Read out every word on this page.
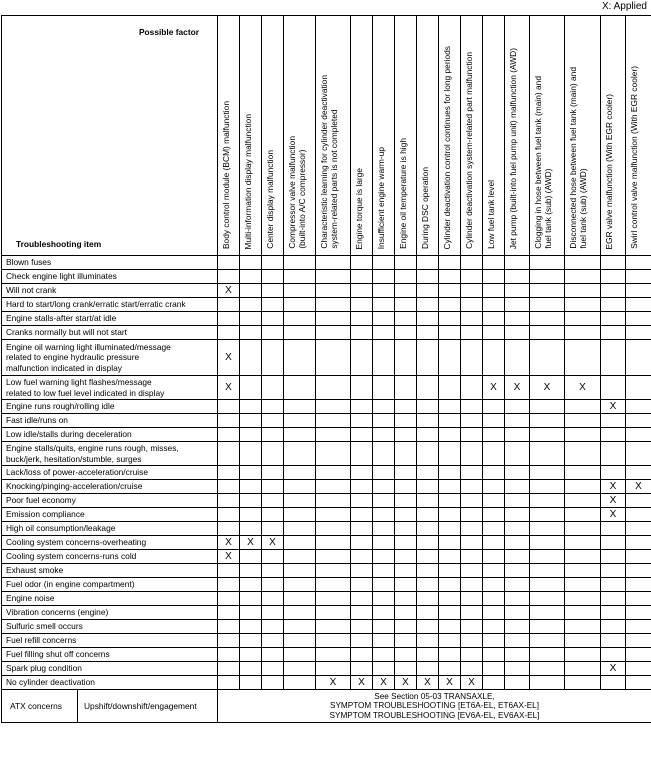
X: Applied
Possible factor
Troubleshooting item		Body control module (BCM) malfunction	Multi-information display malfunction	Center display malfunction	Compressor valve malfunction
(built-into A/C compressor)	Characteristic learning for cylinder deactivation
system-related parts is not completed	Engine torque is large	Insufficient engine warm-up	Engine oil temperature is high	During DSC operation	Cylinder deactivation control continues for long periods	Cylinder deactivation system-related part malfunction	Low fuel tank level	Jet pump (built-into fuel pump unit) malfunction (AWD)	Clogging in hose between fuel tank (main) and
fuel tank (sub) (AWD)	Disconnected hose between fuel tank (main) and
fuel tank (sub) (AWD)	EGR valve malfunction (With EGR cooler)	Swirl control valve malfunction (With EGR cooler)

Blown fuses																		
Check engine light illuminates																		
Will not crank		X																
Hard to start/long crank/erratic start/erratic crank																		
Engine stalls-after start/at idle																		
Cranks normally but will not start																		
Engine oil warning light illuminated/message
related to engine hydraulic pressure
malfunction indicated in display		X																
Low fuel warning light flashes/message
related to low fuel level indicated in display		X											X	X	X	X		
Engine runs rough/rolling idle																	X	
Fast idle/runs on																		
Low idle/stalls during deceleration																		
Engine stalls/quits, engine runs rough, misses,
buck/jerk, hesitation/stumble, surges																		
Lack/loss of power-acceleration/cruise																		
Knocking/pinging-acceleration/cruise																	X	X
Poor fuel economy																	X	
Emission compliance																	X	
High oil consumption/leakage																		
Cooling system concerns-overheating		X	X	X														
Cooling system concerns-runs cold		X																
Exhaust smoke																		
Fuel odor (in engine compartment)																		
Engine noise																		
Vibration concerns (engine)																		
Sulfuric smell occurs																		
Fuel refill concerns																		
Fuel filling shut off concerns																		
Spark plug condition																	X	
No cylinder deactivation						X	X	X	X	X	X	X						
ATX concerns	Upshift/downshift/engagement	See Section 05-03 TRANSAXLE,
SYMPTOM TROUBLESHOOTING [ET6A-EL, ET6AX-EL]
SYMPTOM TROUBLESHOOTING [EV6A-EL, EV6AX-EL]																
